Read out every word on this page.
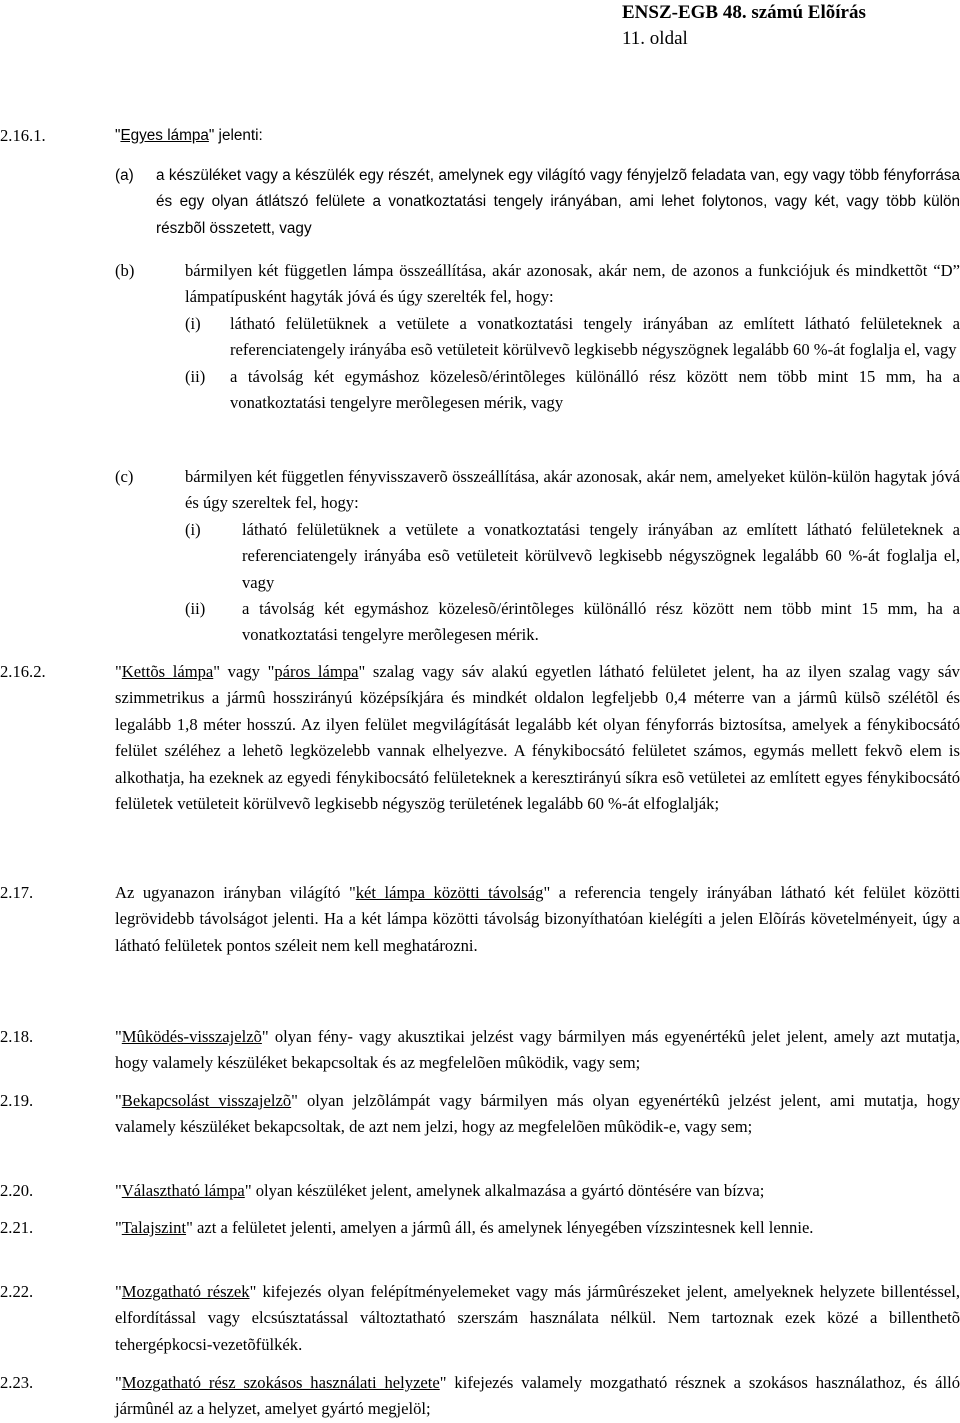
ENSZ-EGB 48. számú Elõírás
11. oldal
2.16.1.	"Egyes lámpa" jelenti:
(a) a készüléket vagy a készülék egy részét, amelynek egy világító vagy fényjelzõ feladata van, egy vagy több fényforrása és egy olyan átlátszó felülete a vonatkoztatási tengely irányában, ami lehet folytonos, vagy két, vagy több külön részbõl összetett, vagy
(b)	bármilyen két független lámpa összeállítása, akár azonosak, akár nem, de azonos a funkciójuk és mindkettõt “D” lámpatípusként hagyták jóvá és úgy szerelték fel, hogy:
(i) látható felületüknek a vetülete a vonatkoztatási tengely irányában az említett látható felületeknek a referenciatengely irányába esõ vetületeit körülvevõ legkisebb négyszögnek legalább 60 %-át foglalja el, vagy
(ii) a távolság két egymáshoz közelesõ/érintõleges különálló rész között nem több mint 15 mm, ha a vonatkoztatási tengelyre merõlegesen mérik, vagy
(c)	bármilyen két független fényvisszaverõ összeállítása, akár azonosak, akár nem, amelyeket külön-külön hagytak jóvá és úgy szereltek fel, hogy:
(i) látható felületüknek a vetülete a vonatkoztatási tengely irányában az említett látható felületeknek a referenciatengely irányába esõ vetületeit körülvevõ legkisebb négyszögnek legalább 60 %-át foglalja el, vagy
(ii) a távolság két egymáshoz közelesõ/érintõleges különálló rész között nem több mint 15 mm, ha a vonatkoztatási tengelyre merõlegesen mérik.
2.16.2.	"Kettõs lámpa" vagy "páros lámpa" szalag vagy sáv alakú egyetlen látható felületet jelent, ha az ilyen szalag vagy sáv szimmetrikus a jármû hosszirányú középsíkjára és mindkét oldalon legfeljebb 0,4 méterre van a jármû külsõ szélétõl és legalább 1,8 méter hosszú. Az ilyen felület megvilágítását legalább két olyan fényforrás biztosítsa, amelyek a fénykibocsátó felület széléhez a lehetõ legközelebb vannak elhelyezve. A fénykibocsátó felületet számos, egymás mellett fekvõ elem is alkothatja, ha ezeknek az egyedi fénykibocsátó felületeknek a keresztirányú síkra esõ vetületei az említett egyes fénykibocsátó felületek vetületeit körülvevõ legkisebb négyszög területének legalább 60 %-át elfoglalják;
2.17.	Az ugyanazon irányban világító "két lámpa közötti távolság" a referencia tengely irányában látható két felület közötti legrövidebb távolságot jelenti. Ha a két lámpa közötti távolság bizonyíthatóan kielégíti a jelen Elõírás követelményeit, úgy a látható felületek pontos széleit nem kell meghatározni.
2.18.	"Mûködés-visszajelzõ" olyan fény- vagy akusztikai jelzést vagy bármilyen más egyenértékû jelet jelent, amely azt mutatja, hogy valamely készüléket bekapcsoltak és az megfelelõen mûködik, vagy sem;
2.19.	"Bekapcsolást visszajelzõ" olyan jelzõlámpát vagy bármilyen más olyan egyenértékû jelzést jelent, ami mutatja, hogy valamely készüléket bekapcsoltak, de azt nem jelzi, hogy az megfelelõen mûködik-e, vagy sem;
2.20.	"Választható lámpa" olyan készüléket jelent, amelynek alkalmazása a gyártó döntésére van bízva;
2.21.	"Talajszint" azt a felületet jelenti, amelyen a jármû áll, és amelynek lényegében vízszintesnek kell lennie.
2.22.	"Mozgatható részek" kifejezés olyan felépítményelemeket vagy más jármûrészeket jelent, amelyeknek helyzete billentéssel, elfordítással vagy elcsúsztatással változtatható szerszám használata nélkül. Nem tartoznak ezek közé a billenthetõ tehergépkocsi-vezetõfülkék.
2.23.	"Mozgatható rész szokásos használati helyzete" kifejezés valamely mozgatható résznek a szokásos használathoz, és álló jármûnél az a helyzet, amelyet gyártó megjelöl;
